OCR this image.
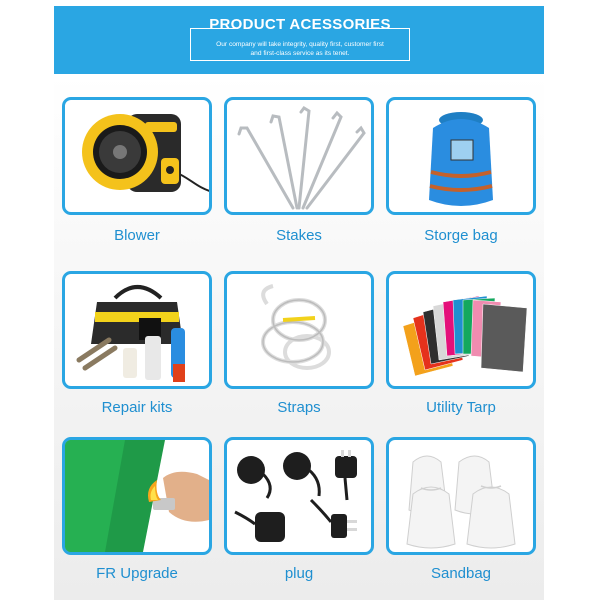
PRODUCT ACESSORIES
Our company will take integrity, quality first, customer first
and first-class service as its tenet.
Blower	Stakes	Storge bag
Repair kits	Straps	Utility Tarp
FR Upgrade	plug	Sandbag
